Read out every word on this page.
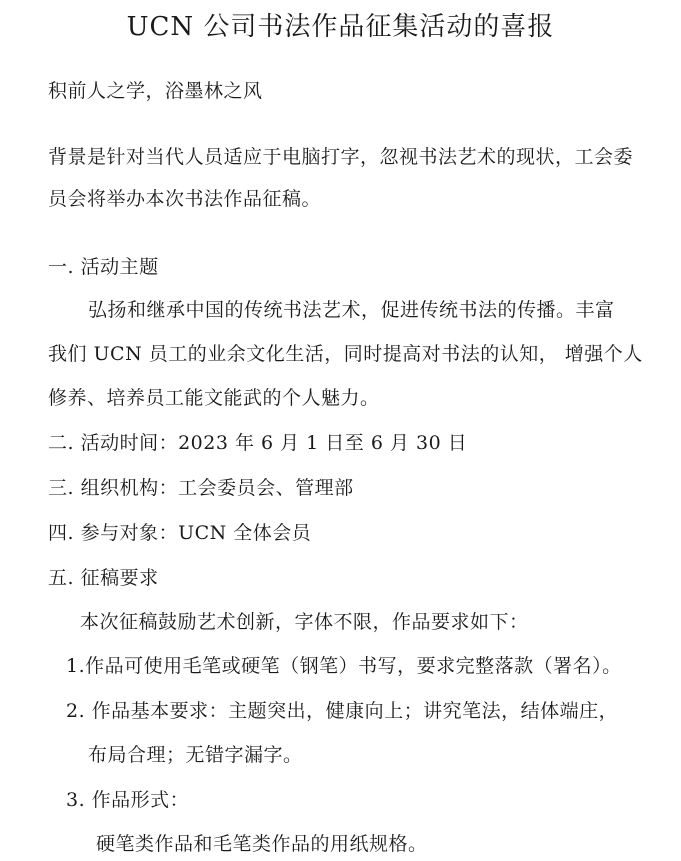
UCN 公司书法作品征集活动的喜报
积前人之学，浴墨林之风
背景是针对当代人员适应于电脑打字，忽视书法艺术的现状，工会委
员会将举办本次书法作品征稿。
一. 活动主题
弘扬和继承中国的传统书法艺术，促进传统书法的传播。丰富
我们 UCN 员工的业余文化生活，同时提高对书法的认知， 增强个人
修养、培养员工能文能武的个人魅力。
二. 活动时间：2023 年 6 月 1 日至 6 月 30 日
三. 组织机构：工会委员会、管理部
四. 参与对象：UCN 全体会员
五. 征稿要求
本次征稿鼓励艺术创新，字体不限，作品要求如下：
1.作品可使用毛笔或硬笔（钢笔）书写，要求完整落款（署名）。
2. 作品基本要求：主题突出，健康向上；讲究笔法，结体端庄，
布局合理；无错字漏字。
3. 作品形式：
硬笔类作品和毛笔类作品的用纸规格。
